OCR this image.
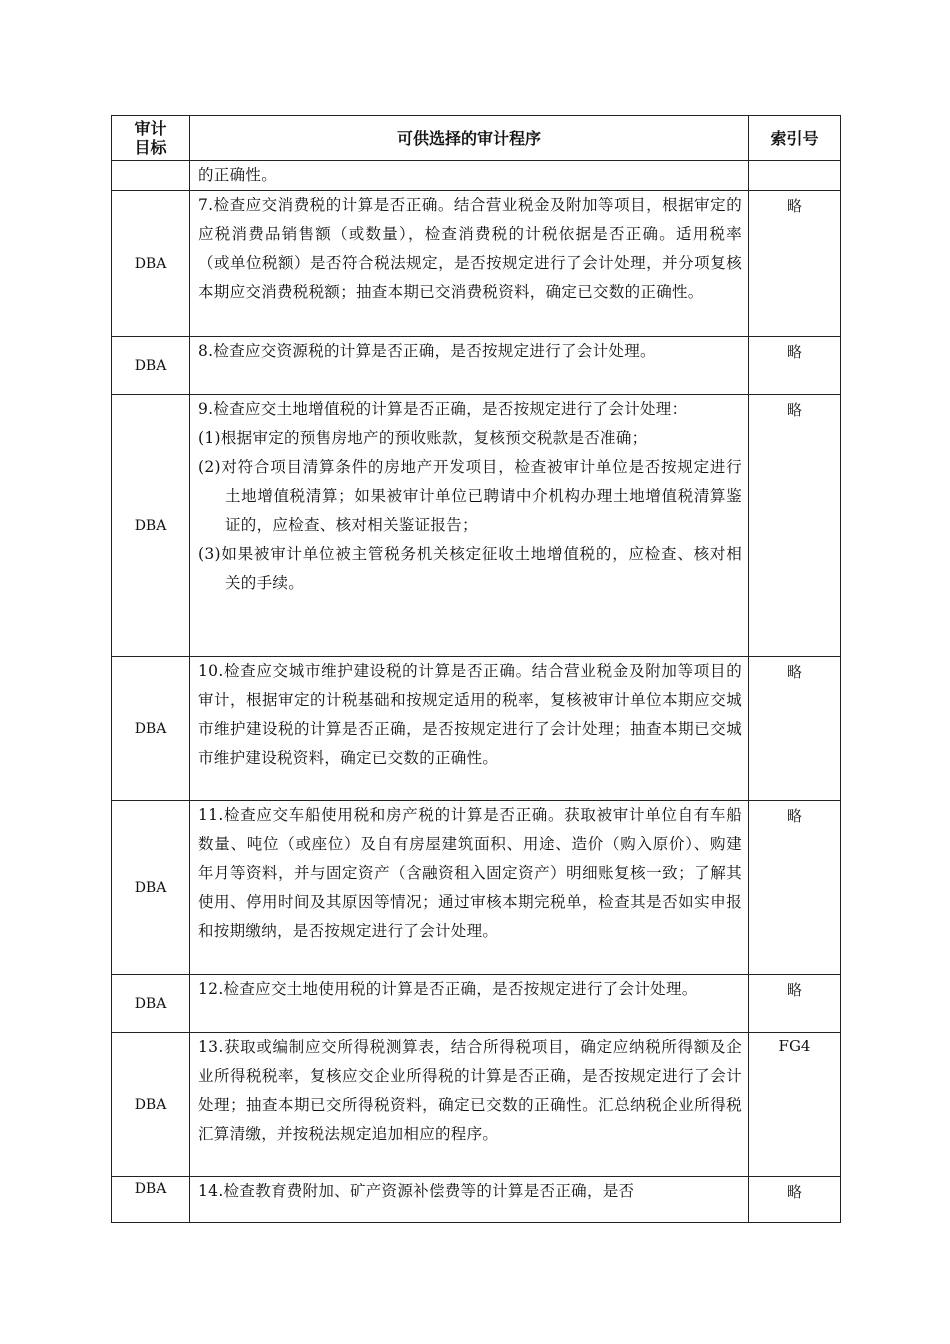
审计目标	可供选择的审计程序	索引号

	的正确性。	

DBA	7.检查应交消费税的计算是否正确。结合营业税金及附加等项目，根据审定的应税消费品销售额（或数量），检查消费税的计税依据是否正确。适用税率（或单位税额）是否符合税法规定，是否按规定进行了会计处理，并分项复核本期应交消费税税额；抽查本期已交消费税资料，确定已交数的正确性。	略
DBA	8.检查应交资源税的计算是否正确，是否按规定进行了会计处理。	略
DBA	9.检查应交土地增值税的计算是否正确，是否按规定进行了会计处理：

(1)根据审定的预售房地产的预收账款，复核预交税款是否准确；

(2)对符合项目清算条件的房地产开发项目，检查被审计单位是否按规定进行土地增值税清算；如果被审计单位已聘请中介机构办理土地增值税清算鉴证的，应检查、核对相关鉴证报告；

(3)如果被审计单位被主管税务机关核定征收土地增值税的，应检查、核对相关的手续。	略
DBA	10.检查应交城市维护建设税的计算是否正确。结合营业税金及附加等项目的审计，根据审定的计税基础和按规定适用的税率，复核被审计单位本期应交城市维护建设税的计算是否正确，是否按规定进行了会计处理；抽查本期已交城市维护建设税资料，确定已交数的正确性。	略
DBA	11.检查应交车船使用税和房产税的计算是否正确。获取被审计单位自有车船数量、吨位（或座位）及自有房屋建筑面积、用途、造价（购入原价）、购建年月等资料，并与固定资产（含融资租入固定资产）明细账复核一致；了解其使用、停用时间及其原因等情况；通过审核本期完税单，检查其是否如实申报和按期缴纳，是否按规定进行了会计处理。	略
DBA	12.检查应交土地使用税的计算是否正确，是否按规定进行了会计处理。	略
DBA	13.获取或编制应交所得税测算表，结合所得税项目，确定应纳税所得额及企业所得税税率，复核应交企业所得税的计算是否正确，是否按规定进行了会计处理；抽查本期已交所得税资料，确定已交数的正确性。汇总纳税企业所得税汇算清缴，并按税法规定追加相应的程序。	FG4
DBA	14.检查教育费附加、矿产资源补偿费等的计算是否正确，是否	略
